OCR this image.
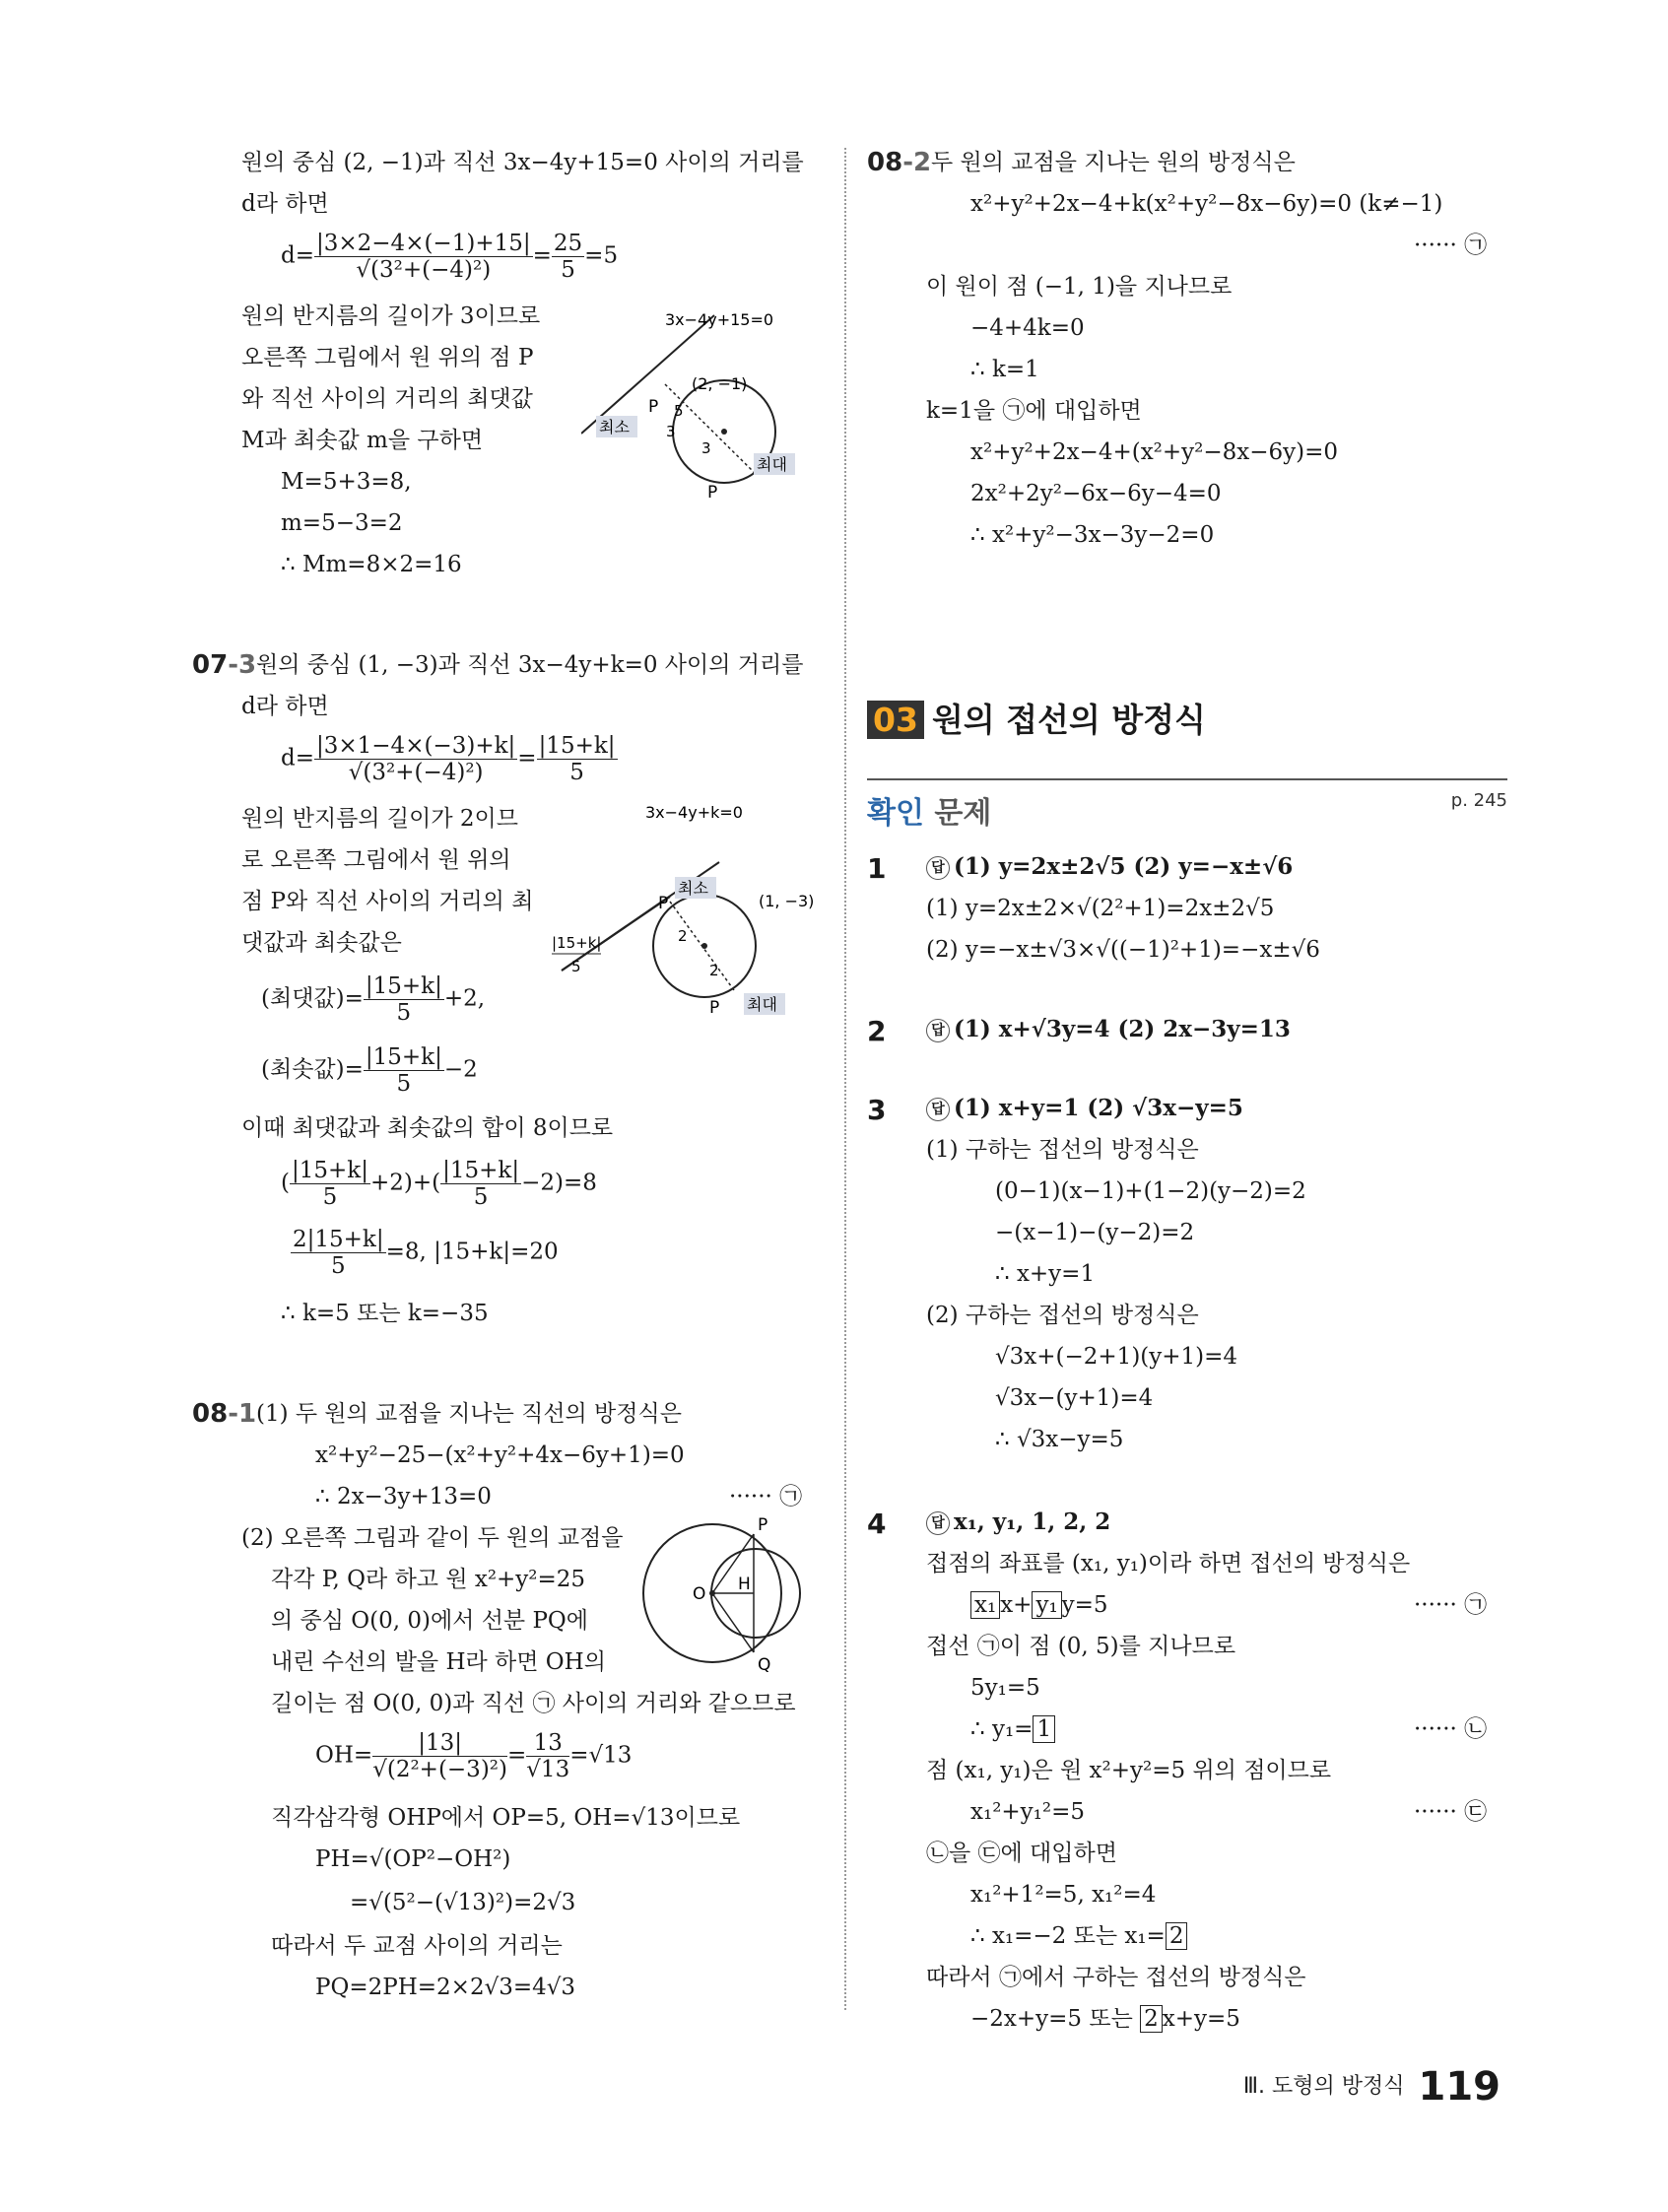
원의 중심 (2, −1)과 직선 3x−4y+15=0 사이의 거리를
d라 하면
$d= \frac{|3\times 2-4\times(-1)+15|}{\text{√(3²+(−4)²)}} = \frac{25}{5} =5$
원의 반지름의 길이가 3이므로
오른쪽 그림에서 원 위의 점 P
와 직선 사이의 거리의 최댓값
M과 최솟값 m을 구하면
M=5+3=8,
m=5−3=2
∴ Mm=8×2=16
3x−4y+15=0
(2, −1)
최소
최대
P
P
5
3
3
07-3 원의 중심 (1, −3)과 직선 3x−4y+k=0 사이의 거리를
d라 하면
$d= \frac{|3\times 1-4\times(-3)+k|}{\text{√(3²+(−4)²)}} = \frac{|15+k|}{5}$
원의 반지름의 길이가 2이므
로 오른쪽 그림에서 원 위의
점 P와 직선 사이의 거리의 최
댓값과 최솟값은
(최댓값)= $\frac{|15+k|}{5} +2$,
(최솟값)= $\frac{|15+k|}{5} -2$
이때 최댓값과 최솟값의 합이 8이므로
( $\frac{|15+k|}{5} +2)+( \frac{|15+k|}{5} -2)=8$
$\frac{2|15+k|}{5} =8$, |15+k|=20
∴ k=5 또는 k=−35
3x−4y+k=0
(1, −3)
최소
최대
P
P
|15+k|
5
2
2
08-1 (1) 두 원의 교점을 지나는 직선의 방정식은
x²+y²−25−(x²+y²+4x−6y+1)=0
∴ 2x−3y+13=0	······ ㉠
(2) 오른쪽 그림과 같이 두 원의 교점을
각각 P, Q라 하고 원 x²+y²=25
의 중심 O(0, 0)에서 선분 PQ에
내린 수선의 발을 H라 하면 OH의
길이는 점 O(0, 0)과 직선 ㉠ 사이의 거리와 같으므로
$OH= \frac{|13|}{\text{√(2²+(−3)²)}} = \frac{13}{√13} =√13$
직각삼각형 OHP에서 OP=5, OH=√13이므로
PH=√(OP²−OH²)
=√(5²−(√13)²)=2√3
따라서 두 교점 사이의 거리는
PQ=2PH=2×2√3=4√3
O H
P
Q
08-2 두 원의 교점을 지나는 원의 방정식은
x²+y²+2x−4+k(x²+y²−8x−6y)=0 (k≠−1)
······ ㉠
이 원이 점 (−1, 1)을 지나므로
−4+4k=0
∴ k=1
k=1을 ㉠에 대입하면
x²+y²+2x−4+(x²+y²−8x−6y)=0
2x²+2y²−6x−6y−4=0
∴ x²+y²−3x−3y−2=0
03 원의 접선의 방정식
확인 문제	p. 245
1	답 (1) y=2x±2√5 (2) y=−x±√6
(1) y=2x±2×√(2²+1)=2x±2√5
(2) y=−x±√3×√((−1)²+1)=−x±√6
2	답 (1) x+√3y=4 (2) 2x−3y=13
3	답 (1) x+y=1 (2) √3x−y=5
(1) 구하는 접선의 방정식은
(0−1)(x−1)+(1−2)(y−2)=2
−(x−1)−(y−2)=2
∴ x+y=1
(2) 구하는 접선의 방정식은
√3x+(−2+1)(y+1)=4
√3x−(y+1)=4
∴ √3x−y=5
4	답 x₁, y₁, 1, 2, 2
접점의 좌표를 (x₁, y₁)이라 하면 접선의 방정식은
x₁ x+ y₁ y=5	······ ㉠
접선 ㉠이 점 (0, 5)를 지나므로
5y₁=5
∴ y₁= 1	······ ㉡
점 (x₁, y₁)은 원 x²+y²=5 위의 점이므로
x₁²+y₁²=5	······ ㉢
㉡을 ㉢에 대입하면
x₁²+1²=5, x₁²=4
∴ x₁=−2 또는 x₁= 2
따라서 ㉠에서 구하는 접선의 방정식은
−2x+y=5 또는 2 x+y=5
Ⅲ. 도형의 방정식 119
